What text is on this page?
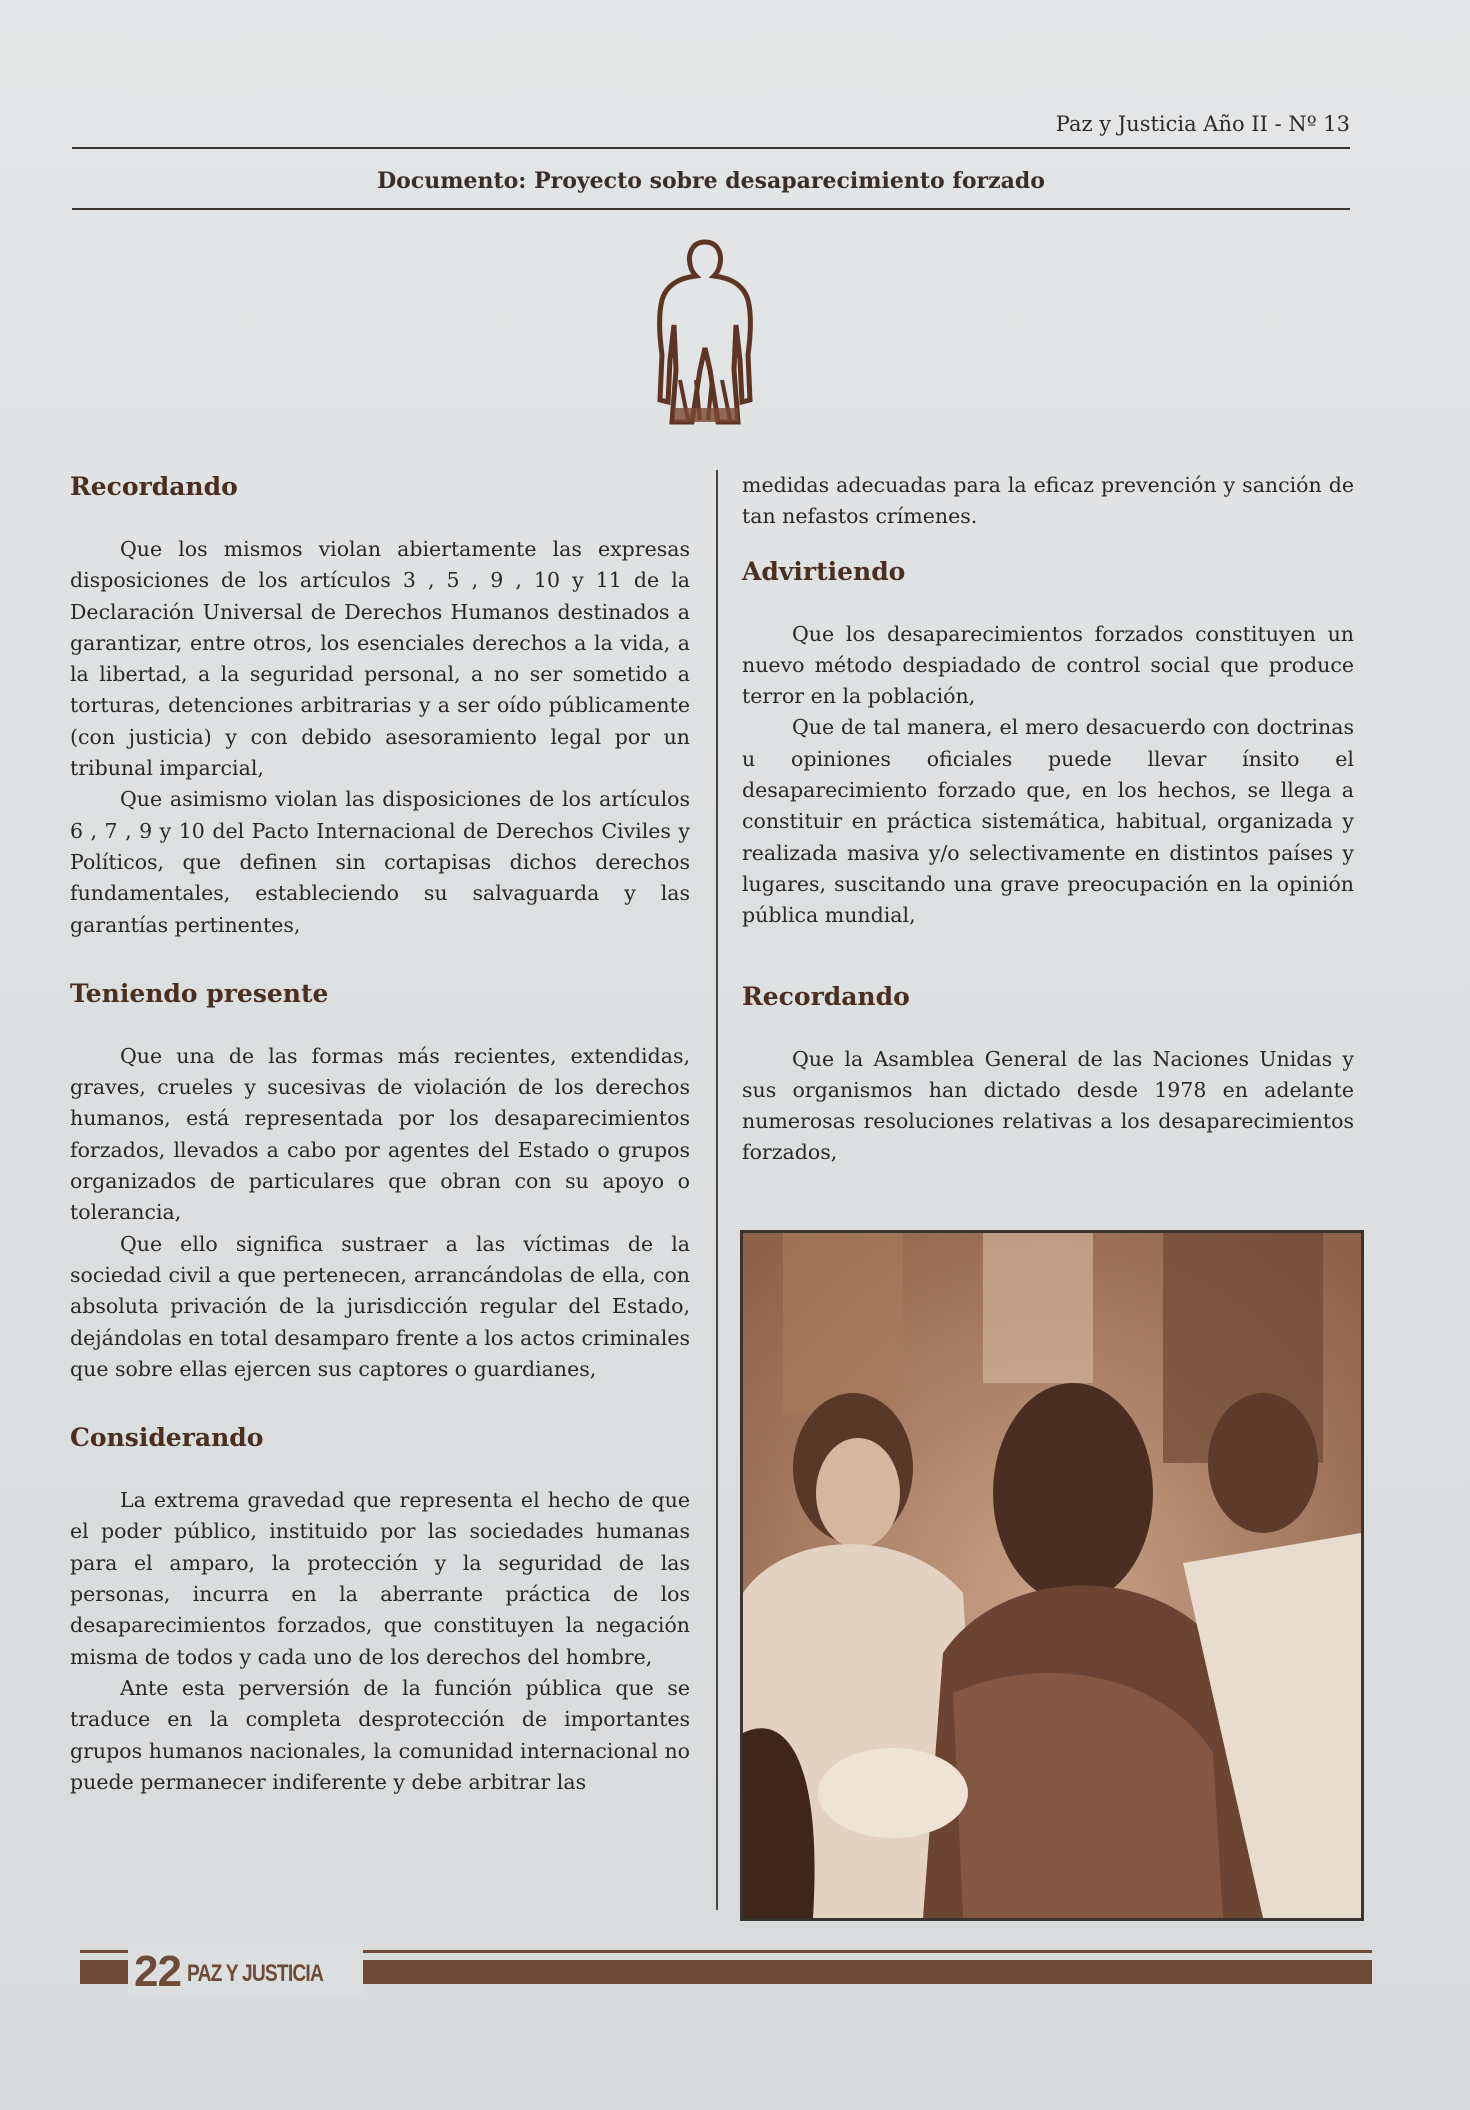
Paz y Justicia Año II - Nº 13
Documento: Proyecto sobre desaparecimiento forzado
Recordando

Que los mismos violan abiertamente las expresas disposiciones de los artículos 3 , 5 , 9 , 10 y 11 de la Declaración Universal de Derechos Humanos destinados a garantizar, entre otros, los esenciales derechos a la vida, a la libertad, a la seguridad personal, a no ser sometido a torturas, detenciones arbitrarias y a ser oído públicamente (con justicia) y con debido asesoramiento legal por un tribunal imparcial,

Que asimismo violan las disposiciones de los artículos 6 , 7 , 9 y 10 del Pacto Internacional de Derechos Civiles y Políticos, que definen sin cortapisas dichos derechos fundamentales, estableciendo su salvaguarda y las garantías pertinentes,

Teniendo presente

Que una de las formas más recientes, extendidas, graves, crueles y sucesivas de violación de los derechos humanos, está representada por los desaparecimientos forzados, llevados a cabo por agentes del Estado o grupos organizados de particulares que obran con su apoyo o tolerancia,

Que ello significa sustraer a las víctimas de la sociedad civil a que pertenecen, arrancándolas de ella, con absoluta privación de la jurisdicción regular del Estado, dejándolas en total desamparo frente a los actos criminales que sobre ellas ejercen sus captores o guardianes,

Considerando

La extrema gravedad que representa el hecho de que el poder público, instituido por las sociedades humanas para el amparo, la protección y la seguridad de las personas, incurra en la aberrante práctica de los desaparecimientos forzados, que constituyen la negación misma de todos y cada uno de los derechos del hombre,

Ante esta perversión de la función pública que se traduce en la completa desprotección de importantes grupos humanos nacionales, la comunidad internacional no puede permanecer indiferente y debe arbitrar las

medidas adecuadas para la eficaz prevención y sanción de tan nefastos crímenes.

Advirtiendo

Que los desaparecimientos forzados constituyen un nuevo método despiadado de control social que produce terror en la población,

Que de tal manera, el mero desacuerdo con doctrinas u opiniones oficiales puede llevar ínsito el desaparecimiento forzado que, en los hechos, se llega a constituir en práctica sistemática, habitual, organizada y realizada masiva y/o selectivamente en distintos países y lugares, suscitando una grave preocupación en la opinión pública mundial,

Recordando

Que la Asamblea General de las Naciones Unidas y sus organismos han dictado desde 1978 en adelante numerosas resoluciones relativas a los desaparecimientos forzados,

22 PAZ Y JUSTICIA
